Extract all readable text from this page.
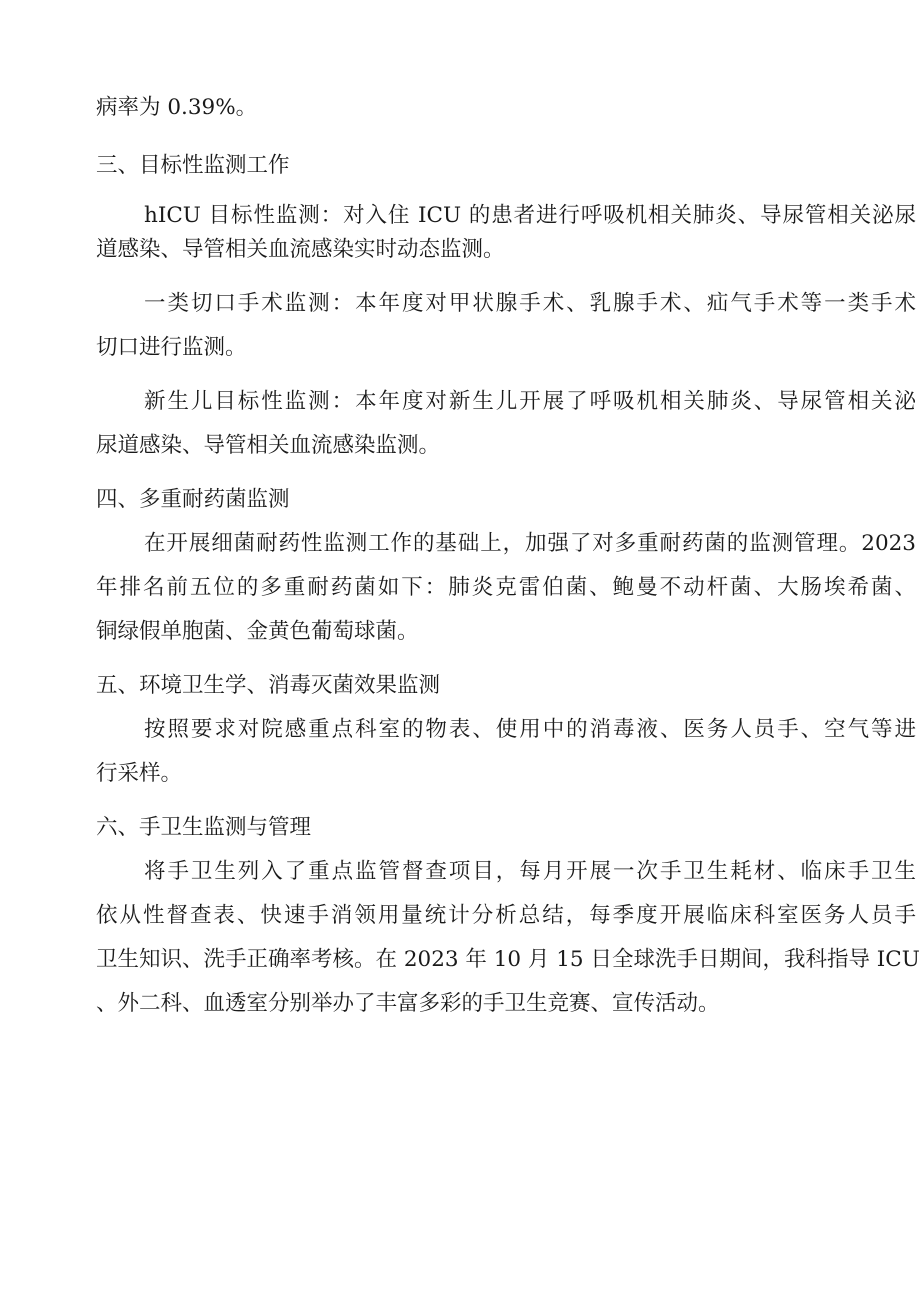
病率为 0.39%。
三、目标性监测工作
hICU 目标性监测：对入住 ICU 的患者进行呼吸机相关肺炎、导尿管相关泌尿
道感染、导管相关血流感染实时动态监测。
一类切口手术监测：本年度对甲状腺手术、乳腺手术、疝气手术等一类手术
切口进行监测。
新生儿目标性监测：本年度对新生儿开展了呼吸机相关肺炎、导尿管相关泌
尿道感染、导管相关血流感染监测。
四、多重耐药菌监测
在开展细菌耐药性监测工作的基础上，加强了对多重耐药菌的监测管理。2023
年排名前五位的多重耐药菌如下：肺炎克雷伯菌、鲍曼不动杆菌、大肠埃希菌、
铜绿假单胞菌、金黄色葡萄球菌。
五、环境卫生学、消毒灭菌效果监测
按照要求对院感重点科室的物表、使用中的消毒液、医务人员手、空气等进
行采样。
六、手卫生监测与管理
将手卫生列入了重点监管督查项目，每月开展一次手卫生耗材、临床手卫生
依从性督查表、快速手消领用量统计分析总结，每季度开展临床科室医务人员手
卫生知识、洗手正确率考核。在 2023 年 10 月 15 日全球洗手日期间，我科指导 ICU
、外二科、血透室分别举办了丰富多彩的手卫生竞赛、宣传活动。
